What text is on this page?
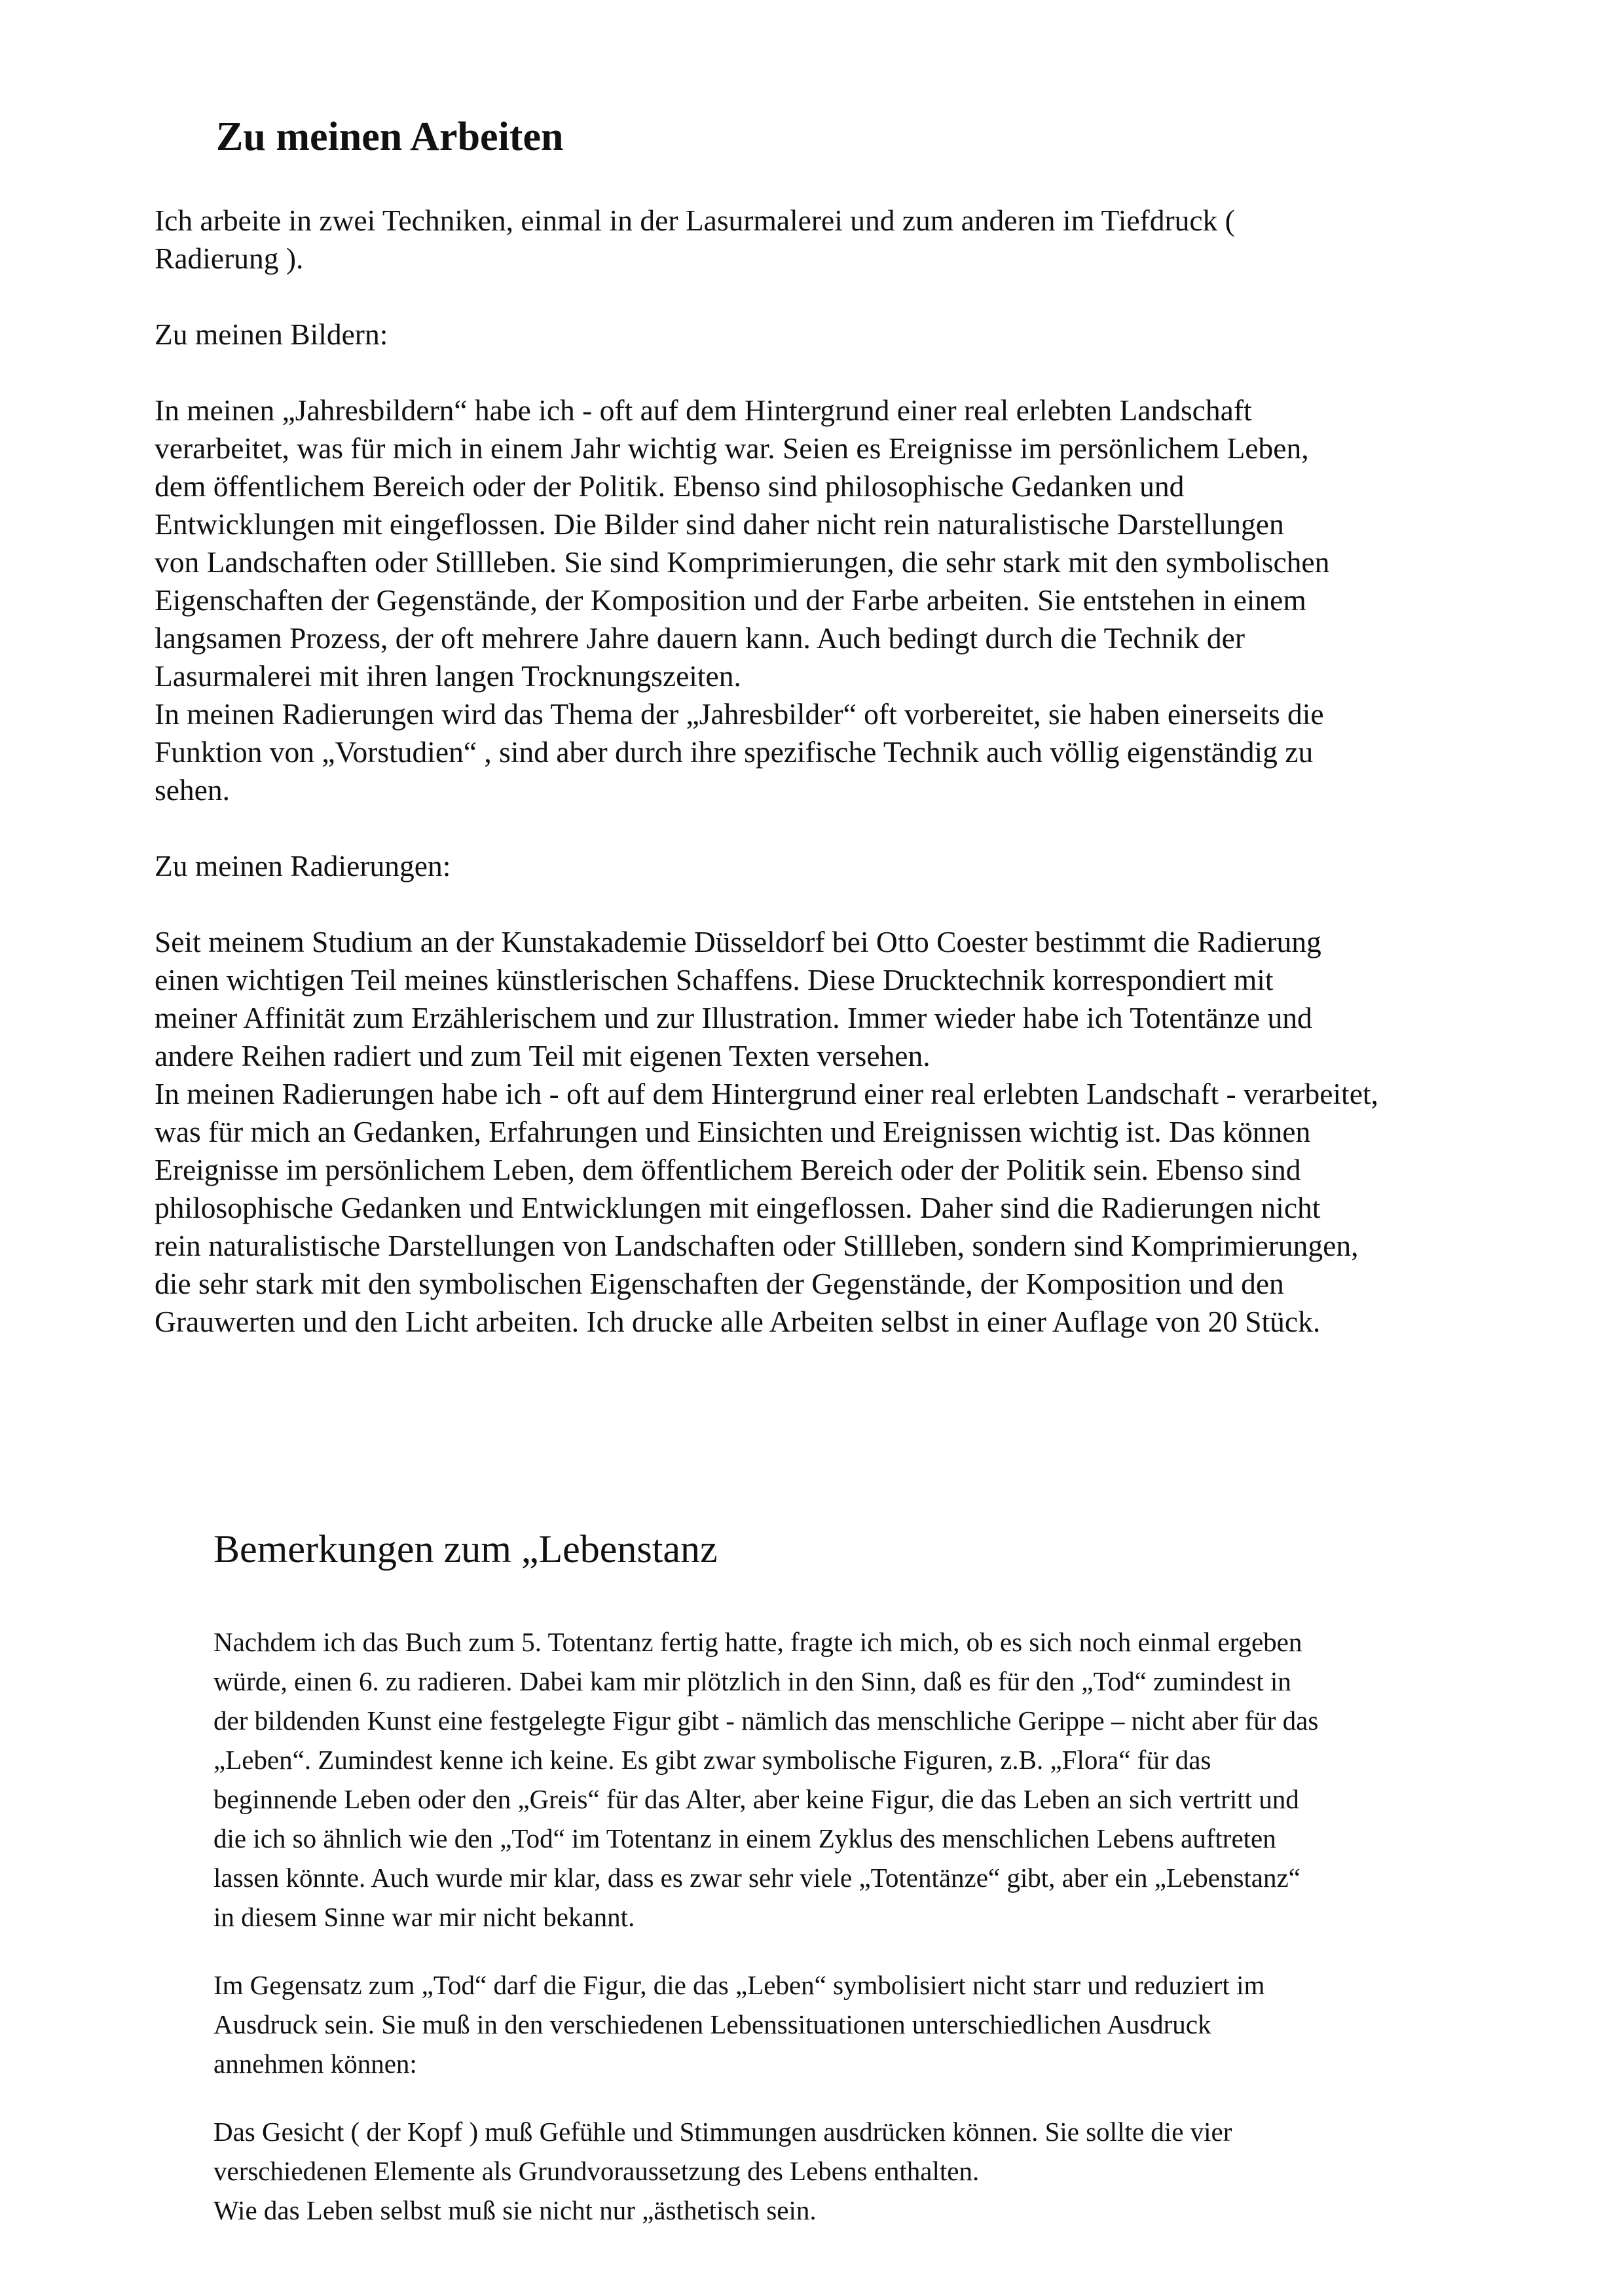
Zu meinen Arbeiten

Ich arbeite in zwei Techniken, einmal in der Lasurmalerei und zum anderen im Tiefdruck (
Radierung ).

Zu meinen Bildern:

In meinen „Jahresbildern“ habe ich - oft auf dem Hintergrund einer real erlebten Landschaft
verarbeitet, was für mich in einem Jahr wichtig war. Seien es Ereignisse im persönlichem Leben,
dem öffentlichem Bereich oder der Politik. Ebenso sind philosophische Gedanken und
Entwicklungen mit eingeflossen. Die Bilder sind daher nicht rein naturalistische Darstellungen
von Landschaften oder Stillleben. Sie sind Komprimierungen, die sehr stark mit den symbolischen
Eigenschaften der Gegenstände, der Komposition und der Farbe arbeiten. Sie entstehen in einem
langsamen Prozess, der oft mehrere Jahre dauern kann. Auch bedingt durch die Technik der
Lasurmalerei mit ihren langen Trocknungszeiten.
In meinen Radierungen wird das Thema der „Jahresbilder“ oft vorbereitet, sie haben einerseits die
Funktion von „Vorstudien“ , sind aber durch ihre spezifische Technik auch völlig eigenständig zu
sehen.

Zu meinen Radierungen:

Seit meinem Studium an der Kunstakademie Düsseldorf bei Otto Coester bestimmt die Radierung
einen wichtigen Teil meines künstlerischen Schaffens. Diese Drucktechnik korrespondiert mit
meiner Affinität zum Erzählerischem und zur Illustration. Immer wieder habe ich Totentänze und
andere Reihen radiert und zum Teil mit eigenen Texten versehen.
In meinen Radierungen habe ich - oft auf dem Hintergrund einer real erlebten Landschaft - verarbeitet,
was für mich an Gedanken, Erfahrungen und Einsichten und Ereignissen wichtig ist. Das können
Ereignisse im persönlichem Leben, dem öffentlichem Bereich oder der Politik sein. Ebenso sind
philosophische Gedanken und Entwicklungen mit eingeflossen. Daher sind die Radierungen nicht
rein naturalistische Darstellungen von Landschaften oder Stillleben, sondern sind Komprimierungen,
die sehr stark mit den symbolischen Eigenschaften der Gegenstände, der Komposition und den
Grauwerten und den Licht arbeiten. Ich drucke alle Arbeiten selbst in einer Auflage von 20 Stück.

Bemerkungen zum „Lebenstanz

Nachdem ich das Buch zum 5. Totentanz fertig hatte, fragte ich mich, ob es sich noch einmal ergeben
würde, einen 6. zu radieren. Dabei kam mir plötzlich in den Sinn, daß es für den „Tod“ zumindest in
der bildenden Kunst eine festgelegte Figur gibt - nämlich das menschliche Gerippe – nicht aber für das
„Leben“. Zumindest kenne ich keine. Es gibt zwar symbolische Figuren, z.B. „Flora“ für das
beginnende Leben oder den „Greis“ für das Alter, aber keine Figur, die das Leben an sich vertritt und
die ich so ähnlich wie den „Tod“ im Totentanz in einem Zyklus des menschlichen Lebens auftreten
lassen könnte. Auch wurde mir klar, dass es zwar sehr viele „Totentänze“ gibt, aber ein „Lebenstanz“
in diesem Sinne war mir nicht bekannt.

Im Gegensatz zum „Tod“ darf die Figur, die das „Leben“ symbolisiert nicht starr und reduziert im
Ausdruck sein. Sie muß in den verschiedenen Lebenssituationen unterschiedlichen Ausdruck
annehmen können:

Das Gesicht ( der Kopf ) muß Gefühle und Stimmungen ausdrücken können. Sie sollte die vier
verschiedenen Elemente als Grundvoraussetzung des Lebens enthalten.
Wie das Leben selbst muß sie nicht nur „ästhetisch sein.
